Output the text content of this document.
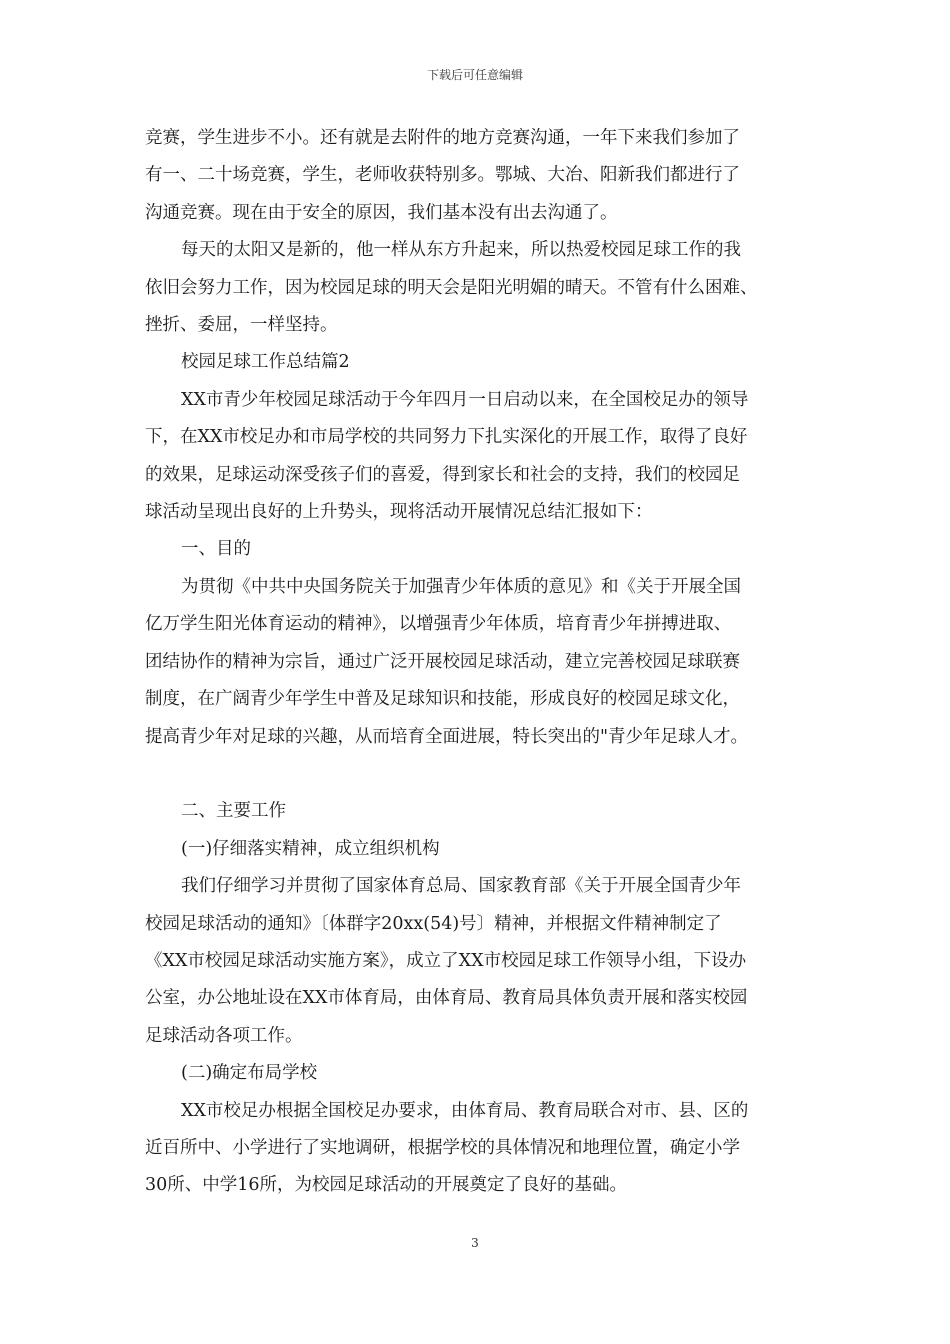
下载后可任意编辑

竞赛，学生进步不小。还有就是去附件的地方竞赛沟通，一年下来我们参加了

有一、二十场竞赛，学生，老师收获特别多。鄂城、大冶、阳新我们都进行了

沟通竞赛。现在由于安全的原因，我们基本没有出去沟通了。

每天的太阳又是新的，他一样从东方升起来，所以热爱校园足球工作的我

依旧会努力工作，因为校园足球的明天会是阳光明媚的晴天。不管有什么困难、

挫折、委屈，一样坚持。

校园足球工作总结篇2

XX市青少年校园足球活动于今年四月一日启动以来，在全国校足办的领导

下，在XX市校足办和市局学校的共同努力下扎实深化的开展工作，取得了良好

的效果，足球运动深受孩子们的喜爱，得到家长和社会的支持，我们的校园足

球活动呈现出良好的上升势头，现将活动开展情况总结汇报如下：

一、目的

为贯彻《中共中央国务院关于加强青少年体质的意见》和《关于开展全国

亿万学生阳光体育运动的精神》，以增强青少年体质，培育青少年拼搏进取、

团结协作的精神为宗旨，通过广泛开展校园足球活动，建立完善校园足球联赛

制度，在广阔青少年学生中普及足球知识和技能，形成良好的校园足球文化，

提高青少年对足球的兴趣，从而培育全面进展，特长突出的"青少年足球人才。

二、主要工作

(一)仔细落实精神，成立组织机构

我们仔细学习并贯彻了国家体育总局、国家教育部《关于开展全国青少年

校园足球活动的通知》〔体群字20xx(54)号〕精神，并根据文件精神制定了

《XX市校园足球活动实施方案》，成立了XX市校园足球工作领导小组，下设办

公室，办公地址设在XX市体育局，由体育局、教育局具体负责开展和落实校园

足球活动各项工作。

(二)确定布局学校

XX市校足办根据全国校足办要求，由体育局、教育局联合对市、县、区的

近百所中、小学进行了实地调研，根据学校的具体情况和地理位置，确定小学

30所、中学16所，为校园足球活动的开展奠定了良好的基础。

3
